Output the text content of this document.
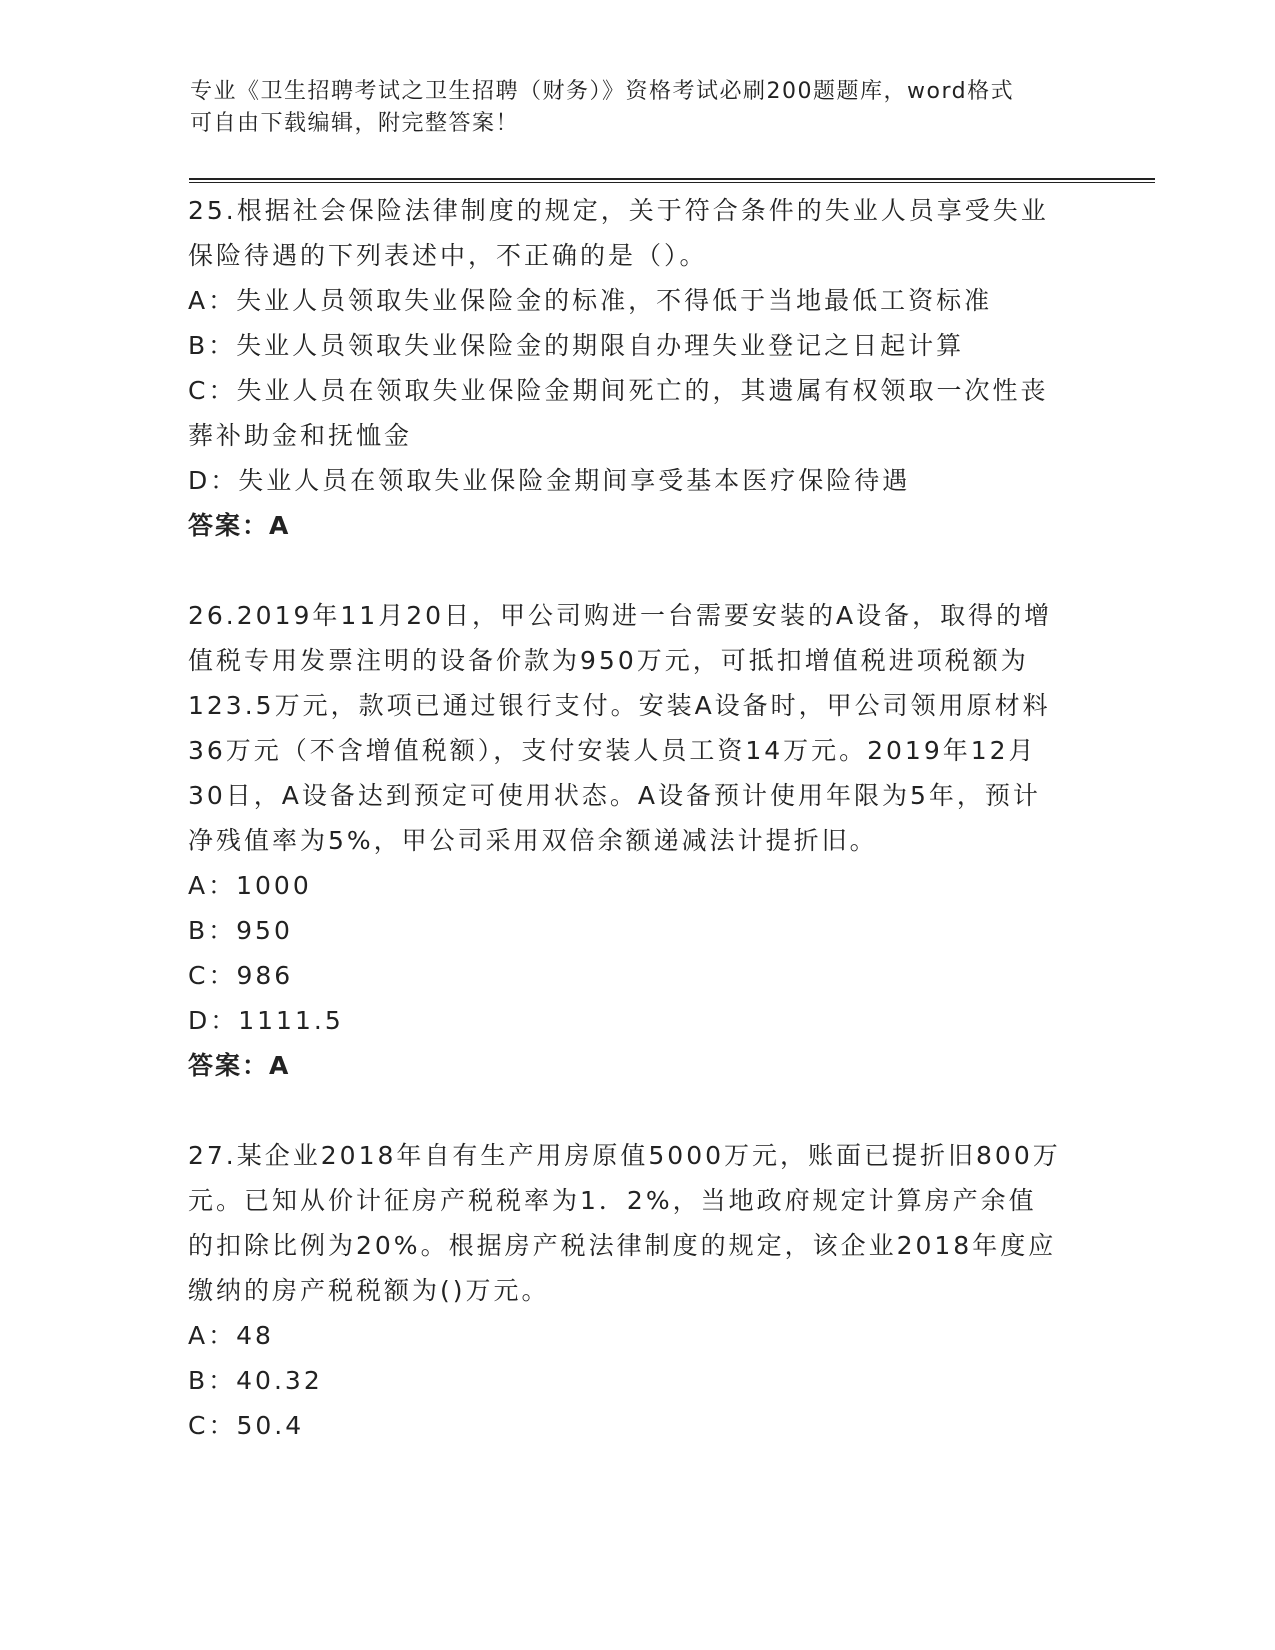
专业《卫生招聘考试之卫生招聘（财务）》资格考试必刷200题题库，word格式
可自由下载编辑，附完整答案！
25.根据社会保险法律制度的规定，关于符合条件的失业人员享受失业
保险待遇的下列表述中，不正确的是（）。
A：失业人员领取失业保险金的标准，不得低于当地最低工资标准
B：失业人员领取失业保险金的期限自办理失业登记之日起计算
C：失业人员在领取失业保险金期间死亡的，其遗属有权领取一次性丧
葬补助金和抚恤金
D：失业人员在领取失业保险金期间享受基本医疗保险待遇
答案：A
26.2019年11月20日，甲公司购进一台需要安装的A设备，取得的增
值税专用发票注明的设备价款为950万元，可抵扣增值税进项税额为
123.5万元，款项已通过银行支付。安装A设备时，甲公司领用原材料
36万元（不含增值税额），支付安装人员工资14万元。2019年12月
30日，A设备达到预定可使用状态。A设备预计使用年限为5年，预计
净残值率为5%，甲公司采用双倍余额递减法计提折旧。
A：1000
B：950
C：986
D：1111.5
答案：A
27.某企业2018年自有生产用房原值5000万元，账面已提折旧800万
元。已知从价计征房产税税率为1．2%，当地政府规定计算房产余值
的扣除比例为20%。根据房产税法律制度的规定，该企业2018年度应
缴纳的房产税税额为()万元。
A：48
B：40.32
C：50.4
